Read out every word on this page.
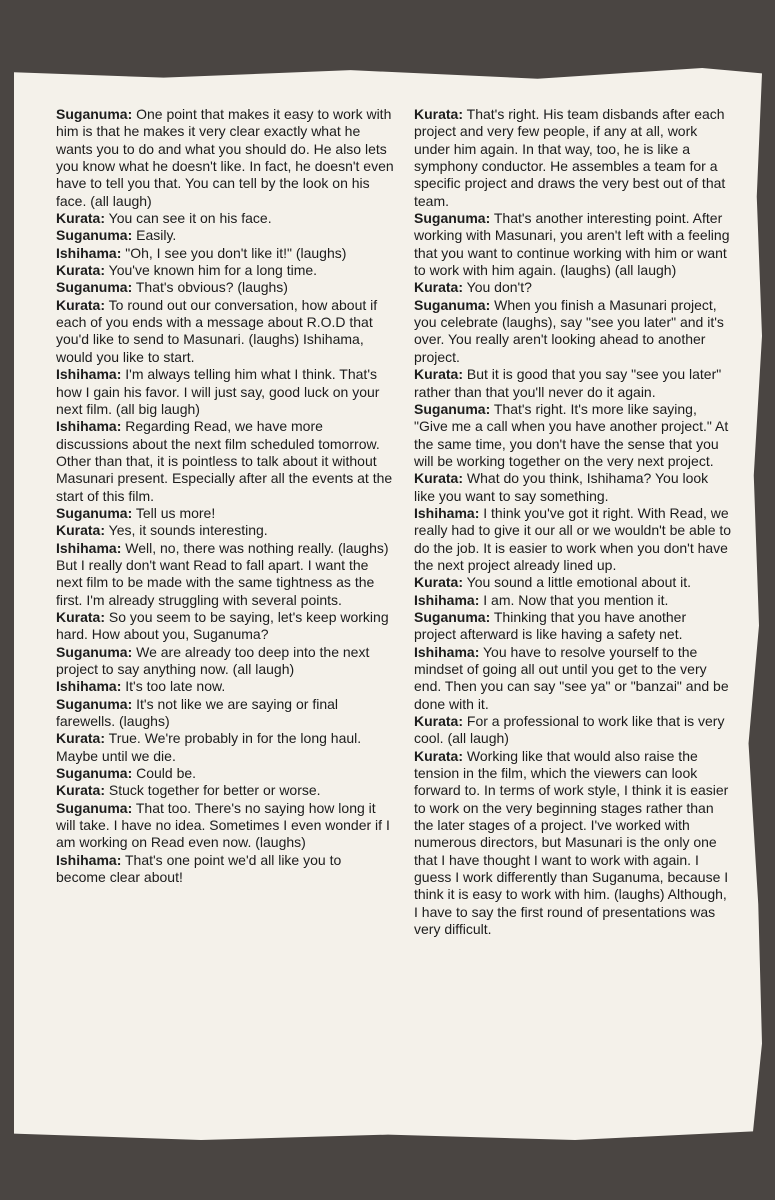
Suganuma: One point that makes it easy to work with him is that he makes it very clear exactly what he wants you to do and what you should do. He also lets you know what he doesn't like. In fact, he doesn't even have to tell you that. You can tell by the look on his face. (all laugh)

Kurata: You can see it on his face.

Suganuma: Easily.

Ishihama: "Oh, I see you don't like it!" (laughs)

Kurata: You've known him for a long time.

Suganuma: That's obvious? (laughs)

Kurata: To round out our conversation, how about if each of you ends with a message about R.O.D that you'd like to send to Masunari. (laughs) Ishihama, would you like to start.

Ishihama: I'm always telling him what I think. That's how I gain his favor. I will just say, good luck on your next film. (all big laugh)

Ishihama: Regarding Read, we have more discussions about the next film scheduled tomorrow. Other than that, it is pointless to talk about it without Masunari present. Especially after all the events at the start of this film.

Suganuma: Tell us more!

Kurata: Yes, it sounds interesting.

Ishihama: Well, no, there was nothing really. (laughs) But I really don't want Read to fall apart. I want the next film to be made with the same tightness as the first. I'm already struggling with several points.

Kurata: So you seem to be saying, let's keep working hard. How about you, Suganuma?

Suganuma: We are already too deep into the next project to say anything now. (all laugh)

Ishihama: It's too late now.

Suganuma: It's not like we are saying or final farewells. (laughs)

Kurata: True. We're probably in for the long haul. Maybe until we die.

Suganuma: Could be.

Kurata: Stuck together for better or worse.

Suganuma: That too. There's no saying how long it will take. I have no idea. Sometimes I even wonder if I am working on Read even now. (laughs)

Ishihama: That's one point we'd all like you to become clear about!

Kurata: That's right. His team disbands after each project and very few people, if any at all, work under him again. In that way, too, he is like a symphony conductor. He assembles a team for a specific project and draws the very best out of that team.

Suganuma: That's another interesting point. After working with Masunari, you aren't left with a feeling that you want to continue working with him or want to work with him again. (laughs) (all laugh)

Kurata: You don't?

Suganuma: When you finish a Masunari project, you celebrate (laughs), say "see you later" and it's over. You really aren't looking ahead to another project.

Kurata: But it is good that you say "see you later" rather than that you'll never do it again.

Suganuma: That's right. It's more like saying, "Give me a call when you have another project." At the same time, you don't have the sense that you will be working together on the very next project.

Kurata: What do you think, Ishihama? You look like you want to say something.

Ishihama: I think you've got it right. With Read, we really had to give it our all or we wouldn't be able to do the job. It is easier to work when you don't have the next project already lined up.

Kurata: You sound a little emotional about it.

Ishihama: I am. Now that you mention it.

Suganuma: Thinking that you have another project afterward is like having a safety net.

Ishihama: You have to resolve yourself to the mindset of going all out until you get to the very end. Then you can say "see ya" or "banzai" and be done with it.

Kurata: For a professional to work like that is very cool. (all laugh)

Kurata: Working like that would also raise the tension in the film, which the viewers can look forward to. In terms of work style, I think it is easier to work on the very beginning stages rather than the later stages of a project. I've worked with numerous directors, but Masunari is the only one that I have thought I want to work with again. I guess I work differently than Suganuma, because I think it is easy to work with him. (laughs) Although, I have to say the first round of presentations was very difficult.
